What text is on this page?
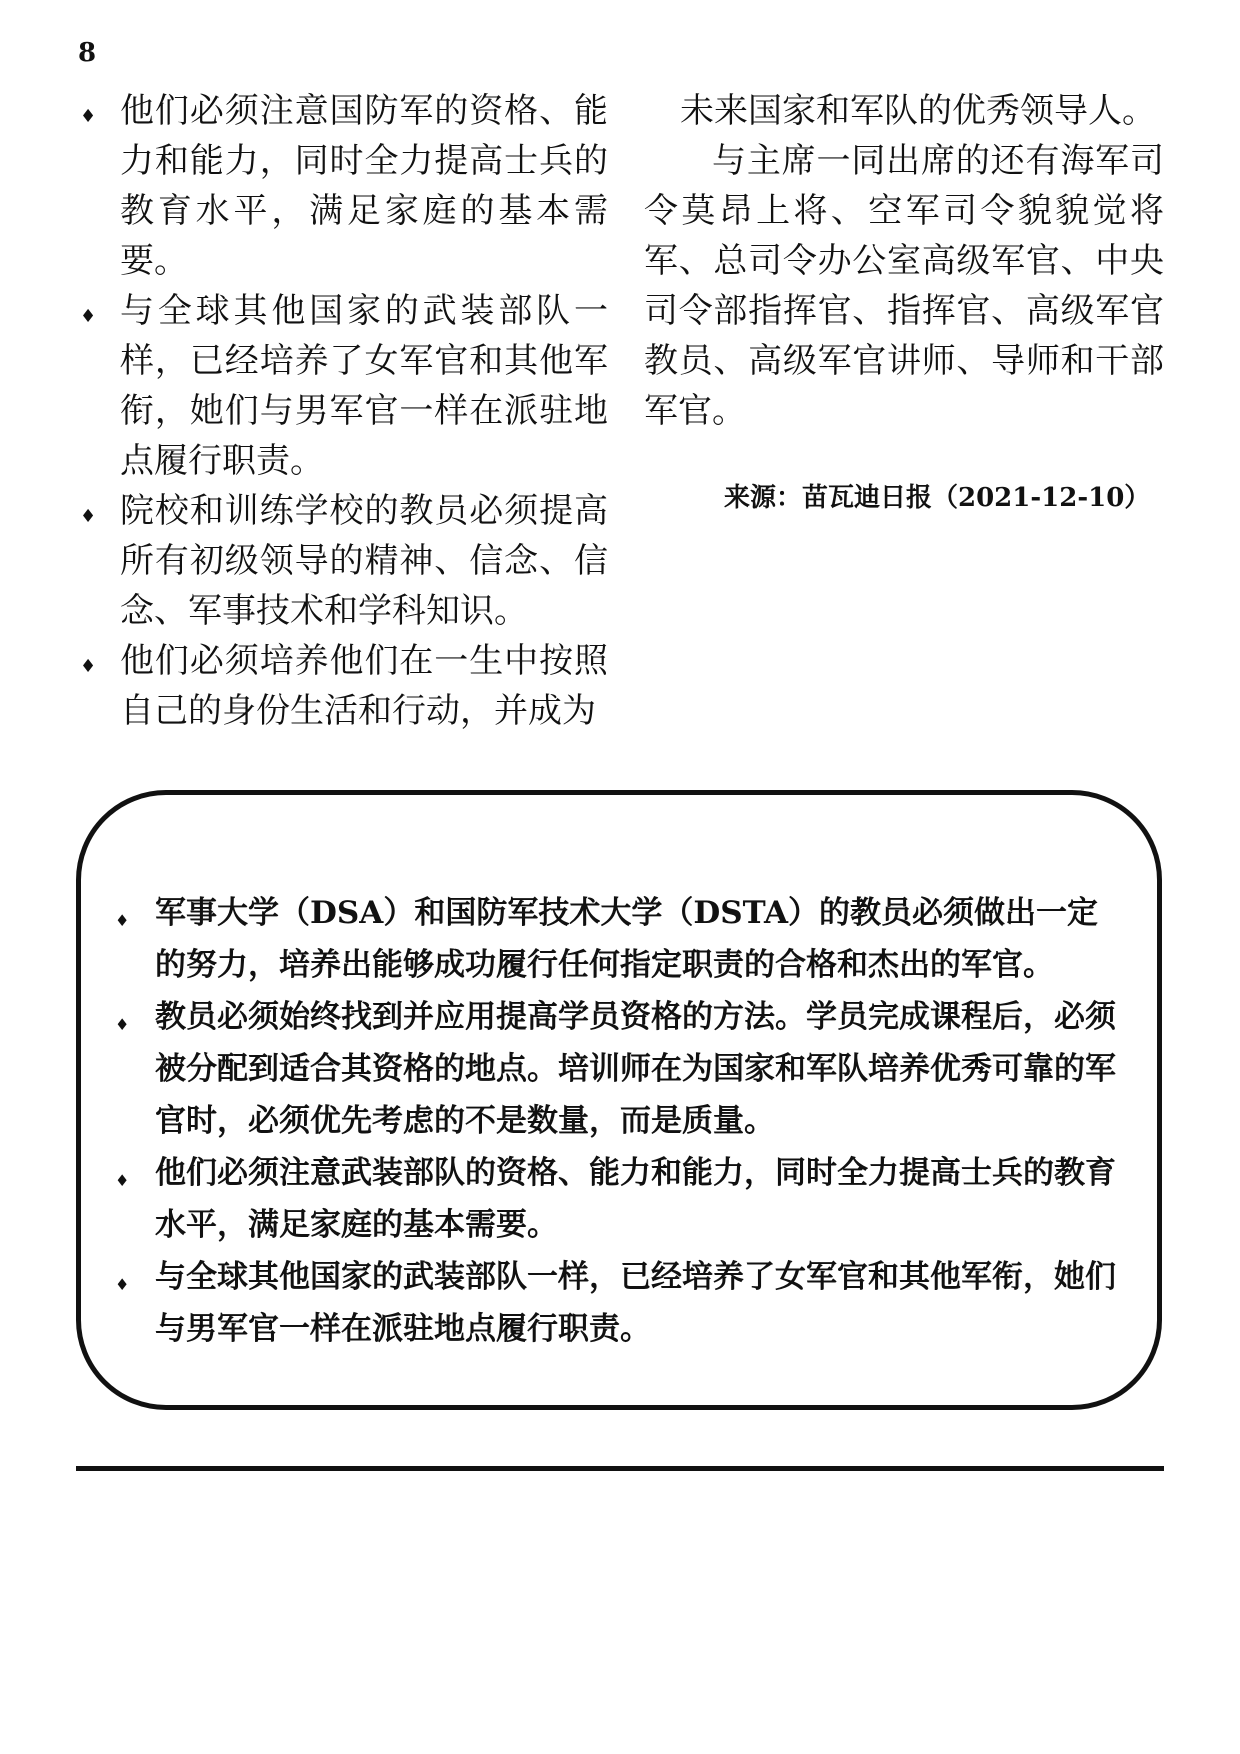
8
♦ 他们必须注意国防军的资格、能力和能力，同时全力提高士兵的教育水平，满足家庭的基本需要。
♦ 与全球其他国家的武装部队一样，已经培养了女军官和其他军衔，她们与男军官一样在派驻地点履行职责。
♦ 院校和训练学校的教员必须提高所有初级领导的精神、信念、信念、军事技术和学科知识。
♦ 他们必须培养他们在一生中按照自己的身份生活和行动，并成为

未来国家和军队的优秀领导人。

与主席一同出席的还有海军司令莫昂上将、空军司令貌貌觉将军、总司令办公室高级军官、中央司令部指挥官、指挥官、高级军官教员、高级军官讲师、导师和干部军官。

来源：苗瓦迪日报（2021-12-10）
♦ 军事大学（DSA）和国防军技术大学（DSTA）的教员必须做出一定的努力，培养出能够成功履行任何指定职责的合格和杰出的军官。
♦ 教员必须始终找到并应用提高学员资格的方法。学员完成课程后，必须被分配到适合其资格的地点。培训师在为国家和军队培养优秀可靠的军官时，必须优先考虑的不是数量，而是质量。
♦ 他们必须注意武装部队的资格、能力和能力，同时全力提高士兵的教育水平，满足家庭的基本需要。
♦ 与全球其他国家的武装部队一样，已经培养了女军官和其他军衔，她们与男军官一样在派驻地点履行职责。
